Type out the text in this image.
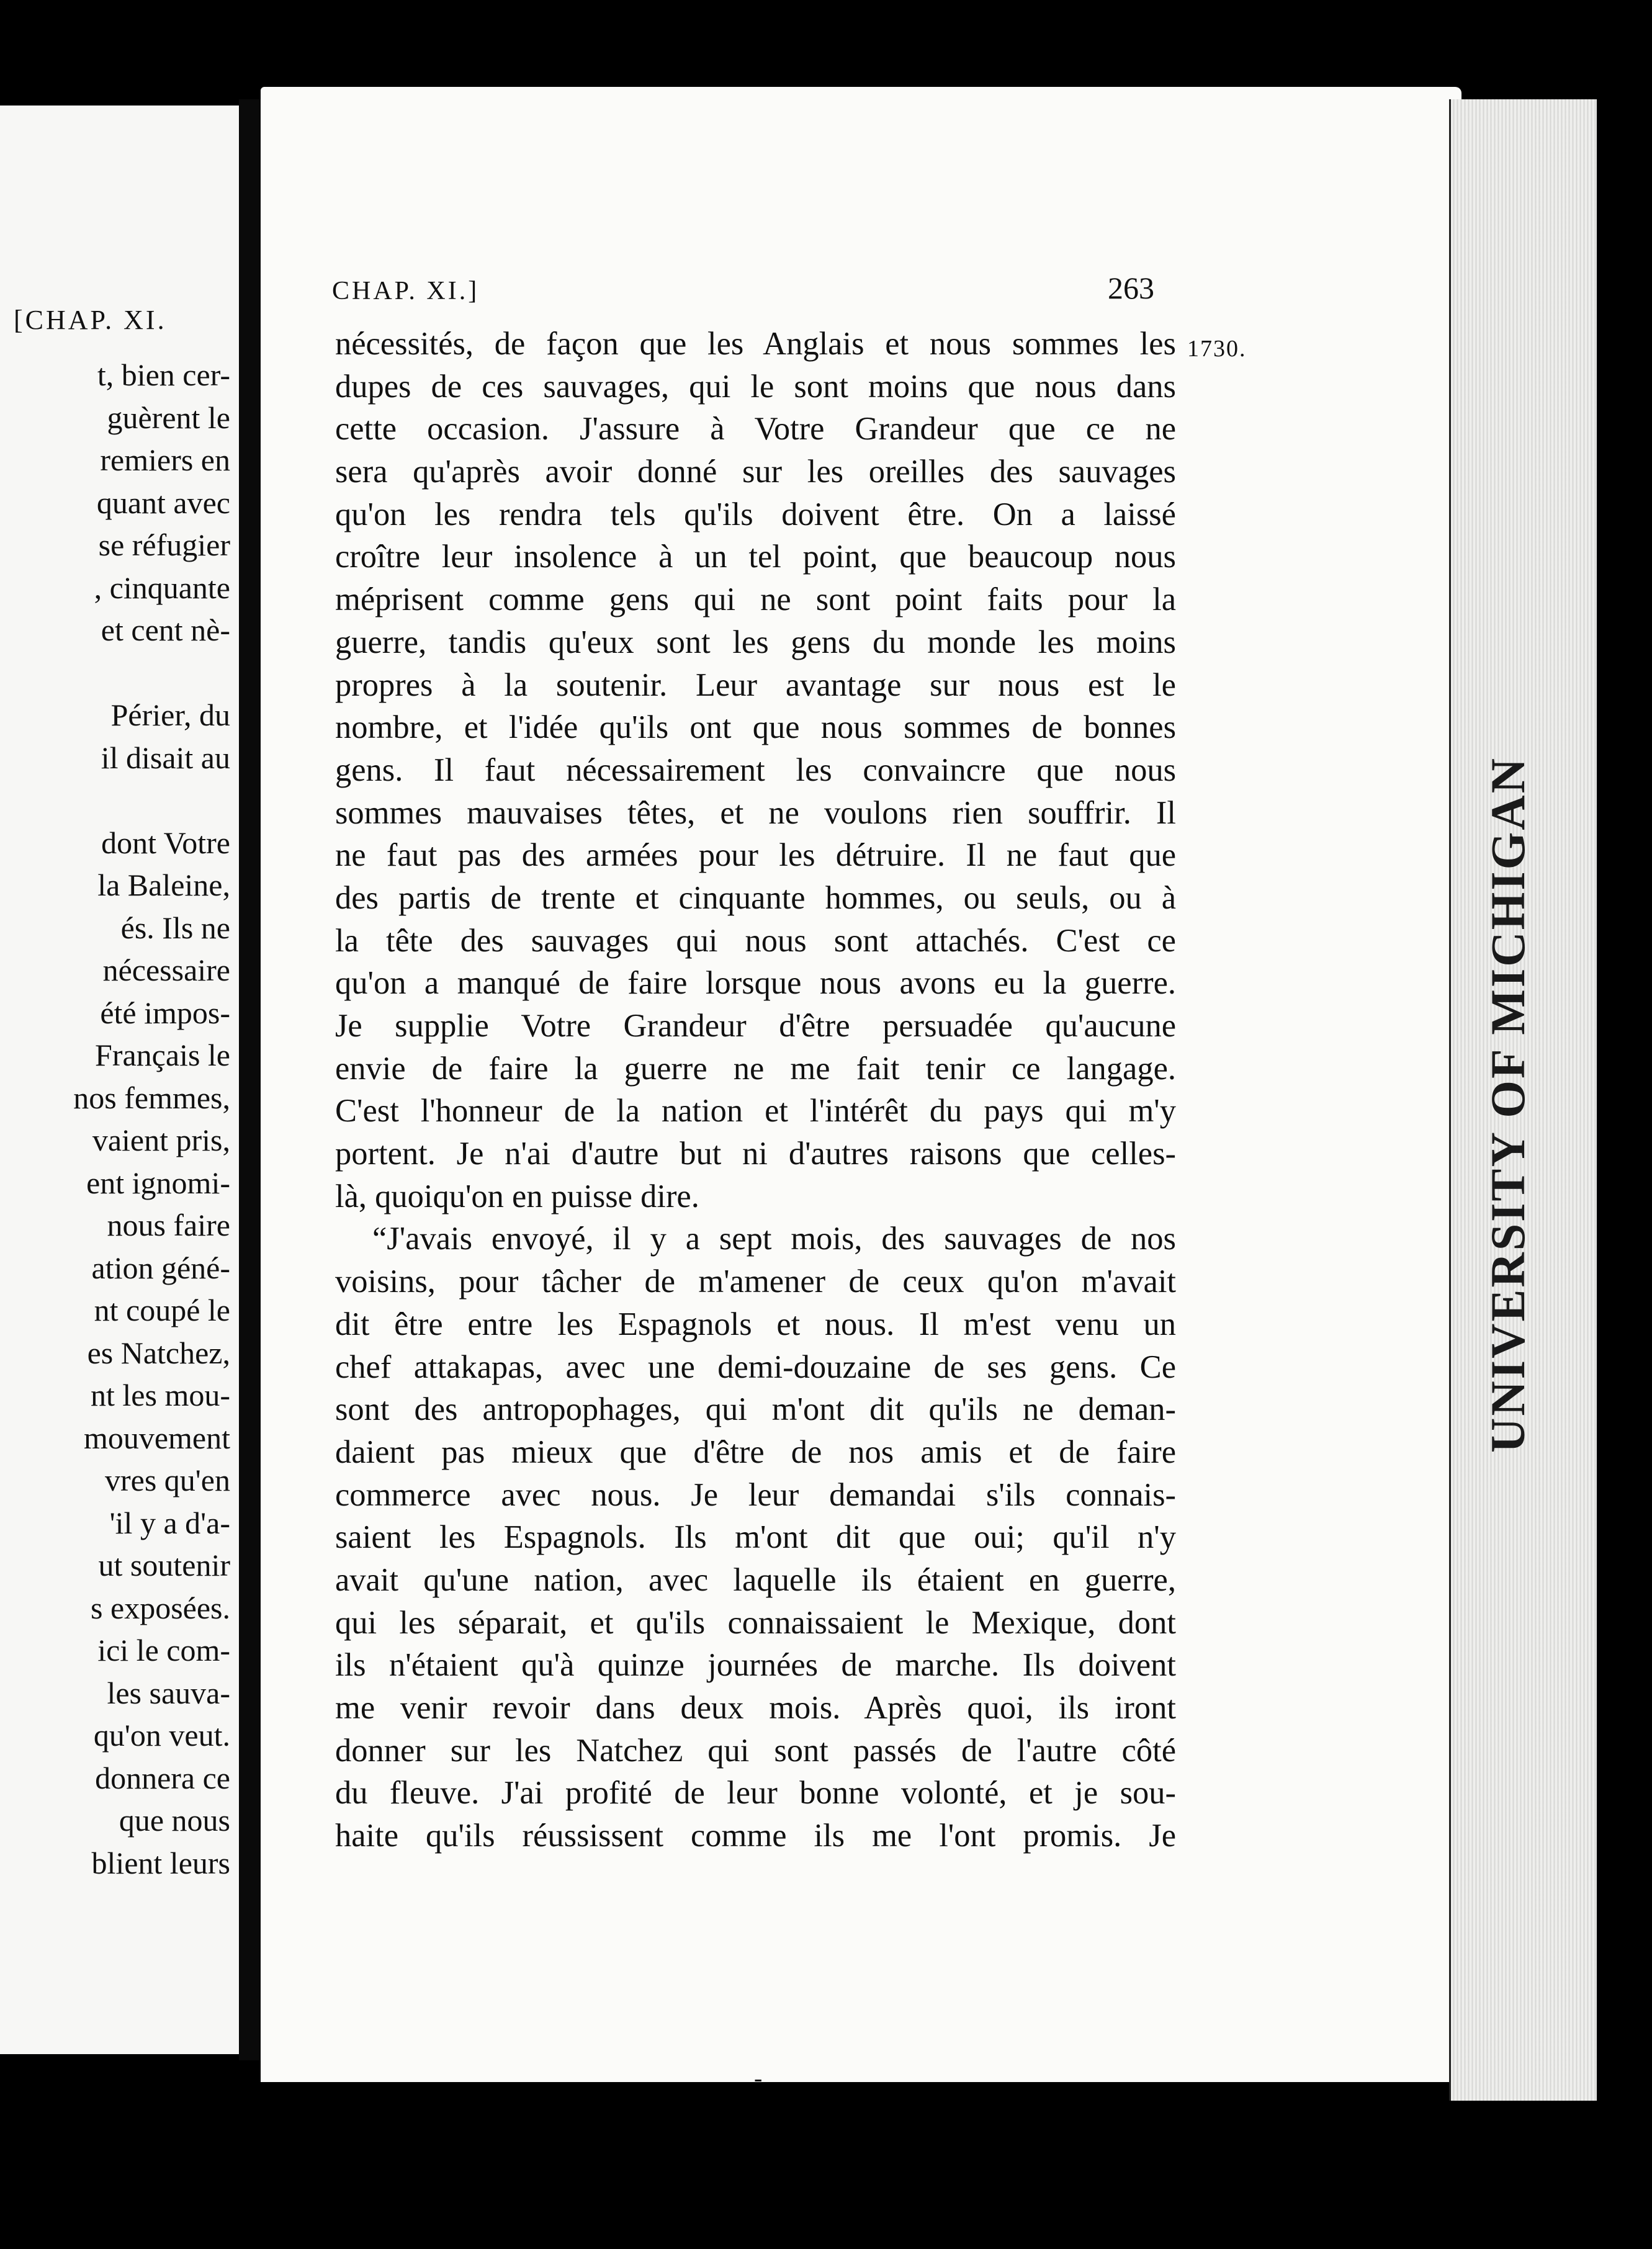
[CHAP. XI.
t, bien cer-
guèrent le
remiers en
quant avec
se réfugier
, cinquante
et cent nè-
Périer, du
il disait au
dont Votre
la Baleine,
és. Ils ne
nécessaire
été impos-
Français le
nos femmes,
vaient pris,
ent ignomi-
nous faire
ation géné-
nt coupé le
es Natchez,
nt les mou-
mouvement
vres qu'en
'il y a d'a-
ut soutenir
s exposées.
ici le com-
les sauva-
qu'on veut.
donnera ce
que nous
blient leurs
UNIVERSITY OF MICHIGAN
CHAP. XI.]	263
1730.
nécessités, de façon que les Anglais et nous sommes les
dupes de ces sauvages, qui le sont moins que nous dans
cette occasion. J'assure à Votre Grandeur que ce ne
sera qu'après avoir donné sur les oreilles des sauvages
qu'on les rendra tels qu'ils doivent être. On a laissé
croître leur insolence à un tel point, que beaucoup nous
méprisent comme gens qui ne sont point faits pour la
guerre, tandis qu'eux sont les gens du monde les moins
propres à la soutenir. Leur avantage sur nous est le
nombre, et l'idée qu'ils ont que nous sommes de bonnes
gens. Il faut nécessairement les convaincre que nous
sommes mauvaises têtes, et ne voulons rien souffrir. Il
ne faut pas des armées pour les détruire. Il ne faut que
des partis de trente et cinquante hommes, ou seuls, ou à
la tête des sauvages qui nous sont attachés. C'est ce
qu'on a manqué de faire lorsque nous avons eu la guerre.
Je supplie Votre Grandeur d'être persuadée qu'aucune
envie de faire la guerre ne me fait tenir ce langage.
C'est l'honneur de la nation et l'intérêt du pays qui m'y
portent. Je n'ai d'autre but ni d'autres raisons que celles-
là, quoiqu'on en puisse dire.
“J'avais envoyé, il y a sept mois, des sauvages de nos
voisins, pour tâcher de m'amener de ceux qu'on m'avait
dit être entre les Espagnols et nous. Il m'est venu un
chef attakapas, avec une demi-douzaine de ses gens. Ce
sont des antropophages, qui m'ont dit qu'ils ne deman-
daient pas mieux que d'être de nos amis et de faire
commerce avec nous. Je leur demandai s'ils connais-
saient les Espagnols. Ils m'ont dit que oui; qu'il n'y
avait qu'une nation, avec laquelle ils étaient en guerre,
qui les séparait, et qu'ils connaissaient le Mexique, dont
ils n'étaient qu'à quinze journées de marche. Ils doivent
me venir revoir dans deux mois. Après quoi, ils iront
donner sur les Natchez qui sont passés de l'autre côté
du fleuve. J'ai profité de leur bonne volonté, et je sou-
haite qu'ils réussissent comme ils me l'ont promis. Je
-
